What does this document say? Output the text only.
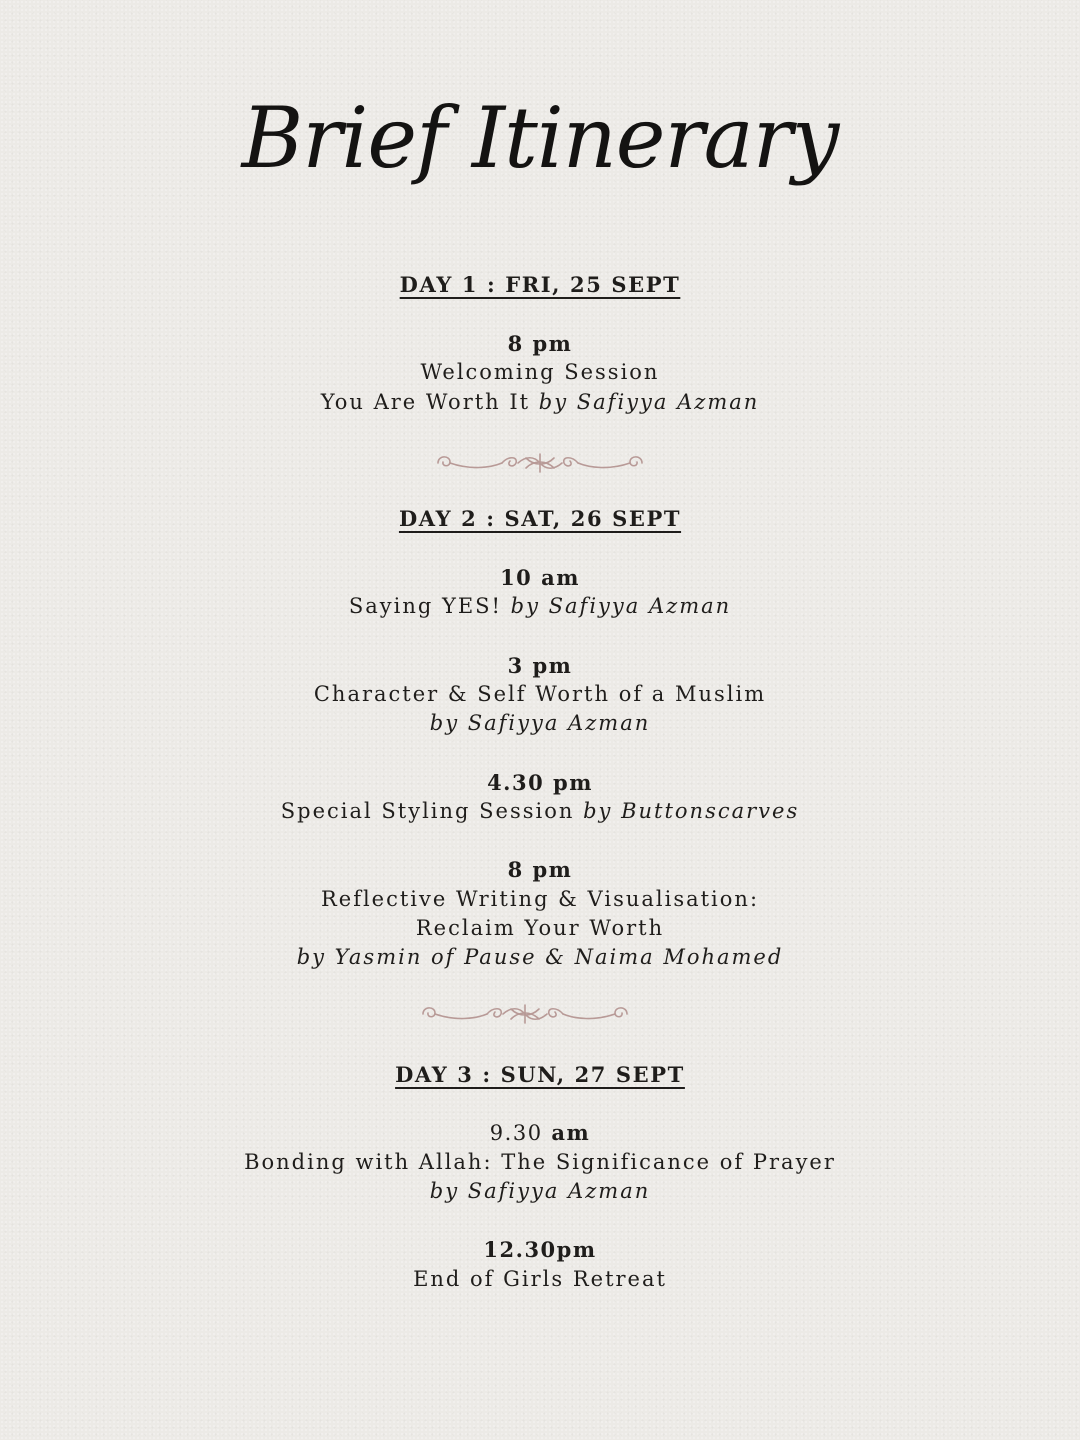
Brief Itinerary
DAY 1 : FRI, 25 SEPT
8 pm
Welcoming Session
You Are Worth It by Safiyya Azman
DAY 2 : SAT, 26 SEPT
10 am
Saying YES! by Safiyya Azman
3 pm
Character & Self Worth of a Muslim
by Safiyya Azman
4.30 pm
Special Styling Session by Buttonscarves
8 pm
Reflective Writing & Visualisation:
Reclaim Your Worth
by Yasmin of Pause & Naima Mohamed
DAY 3 : SUN, 27 SEPT
9.30 am
Bonding with Allah: The Significance of Prayer
by Safiyya Azman
12.30pm
End of Girls Retreat
